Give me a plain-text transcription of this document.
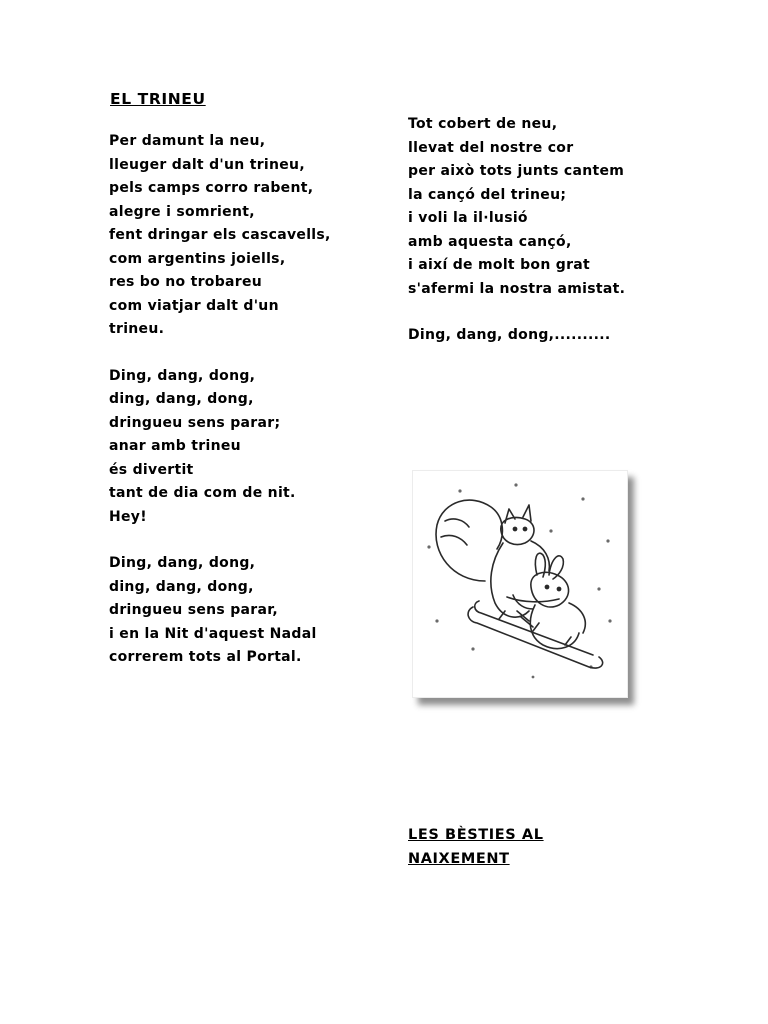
EL TRINEU
Per damunt la neu,
lleuger dalt d'un trineu,
pels camps corro rabent,
alegre i somrient,
fent dringar els cascavells,
com argentins joiells,
res bo no trobareu
com viatjar dalt d'un
trineu.
Ding, dang, dong,
ding, dang, dong,
dringueu sens parar;
anar amb trineu
és divertit
tant de dia com de nit.
Hey!
Ding, dang, dong,
ding, dang, dong,
dringueu sens parar,
i en la Nit d'aquest Nadal
correrem tots al Portal.
Tot cobert de neu,
llevat del nostre cor
per això tots junts cantem
la cançó del trineu;
i voli la il·lusió
amb aquesta cançó,
i així de molt bon grat
s'afermi la nostra amistat.
Ding, dang, dong,..........
LES BÈSTIES AL
NAIXEMENT
